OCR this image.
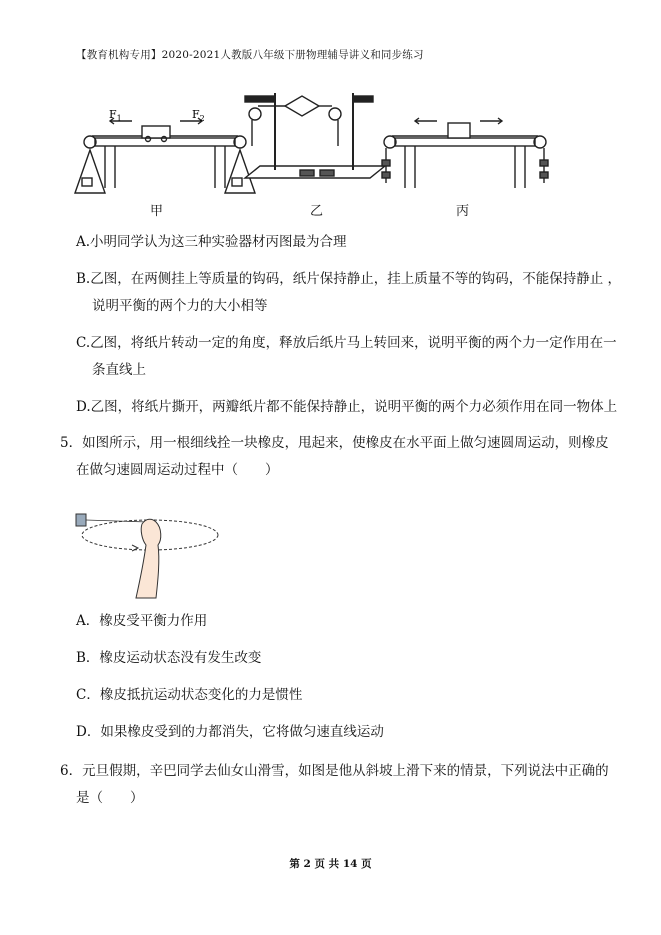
【教育机构专用】2020-2021人教版八年级下册物理辅导讲义和同步练习
$F_1$	$F_2$
甲	乙	丙
A.小明同学认为这三种实验器材丙图最为合理
B.乙图，在两侧挂上等质量的钩码，纸片保持静止，挂上质量不等的钩码，不能保持静止 ，
说明平衡的两个力的大小相等
C.乙图，将纸片转动一定的角度，释放后纸片马上转回来，说明平衡的两个力一定作用在一
条直线上
D.乙图，将纸片撕开，两瓣纸片都不能保持静止，说明平衡的两个力必须作用在同一物体上
5．如图所示，用一根细线拴一块橡皮，甩起来，使橡皮在水平面上做匀速圆周运动，则橡皮
在做匀速圆周运动过程中（　　）
A．橡皮受平衡力作用
B．橡皮运动状态没有发生改变
C．橡皮抵抗运动状态变化的力是惯性
D．如果橡皮受到的力都消失，它将做匀速直线运动
6．元旦假期，辛巴同学去仙女山滑雪，如图是他从斜坡上滑下来的情景，下列说法中正确的
是（　　）
第 2 页 共 14 页
